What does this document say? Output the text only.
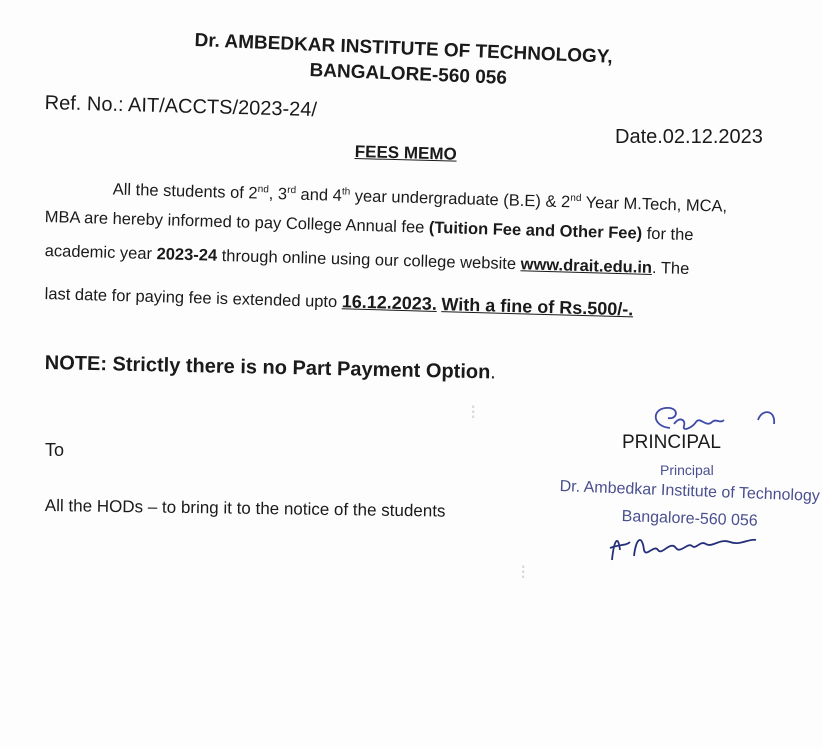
⁝
⁝
Dr. AMBEDKAR INSTITUTE OF TECHNOLOGY,
BANGALORE-560 056
Ref. No.: AIT/ACCTS/2023-24/
Date.02.12.2023
FEES MEMO
All the students of 2nd, 3rd and 4th year undergraduate (B.E) & 2nd Year M.Tech, MCA,
MBA are hereby informed to pay College Annual fee (Tuition Fee and Other Fee) for the
academic year 2023-24 through online using our college website www.drait.edu.in. The
last date for paying fee is extended upto 16.12.2023. With a fine of Rs.500/-.
NOTE: Strictly there is no Part Payment Option.
To
All the HODs – to bring it to the notice of the students
PRINCIPAL
Principal
Dr. Ambedkar Institute of Technology
Bangalore-560 056
